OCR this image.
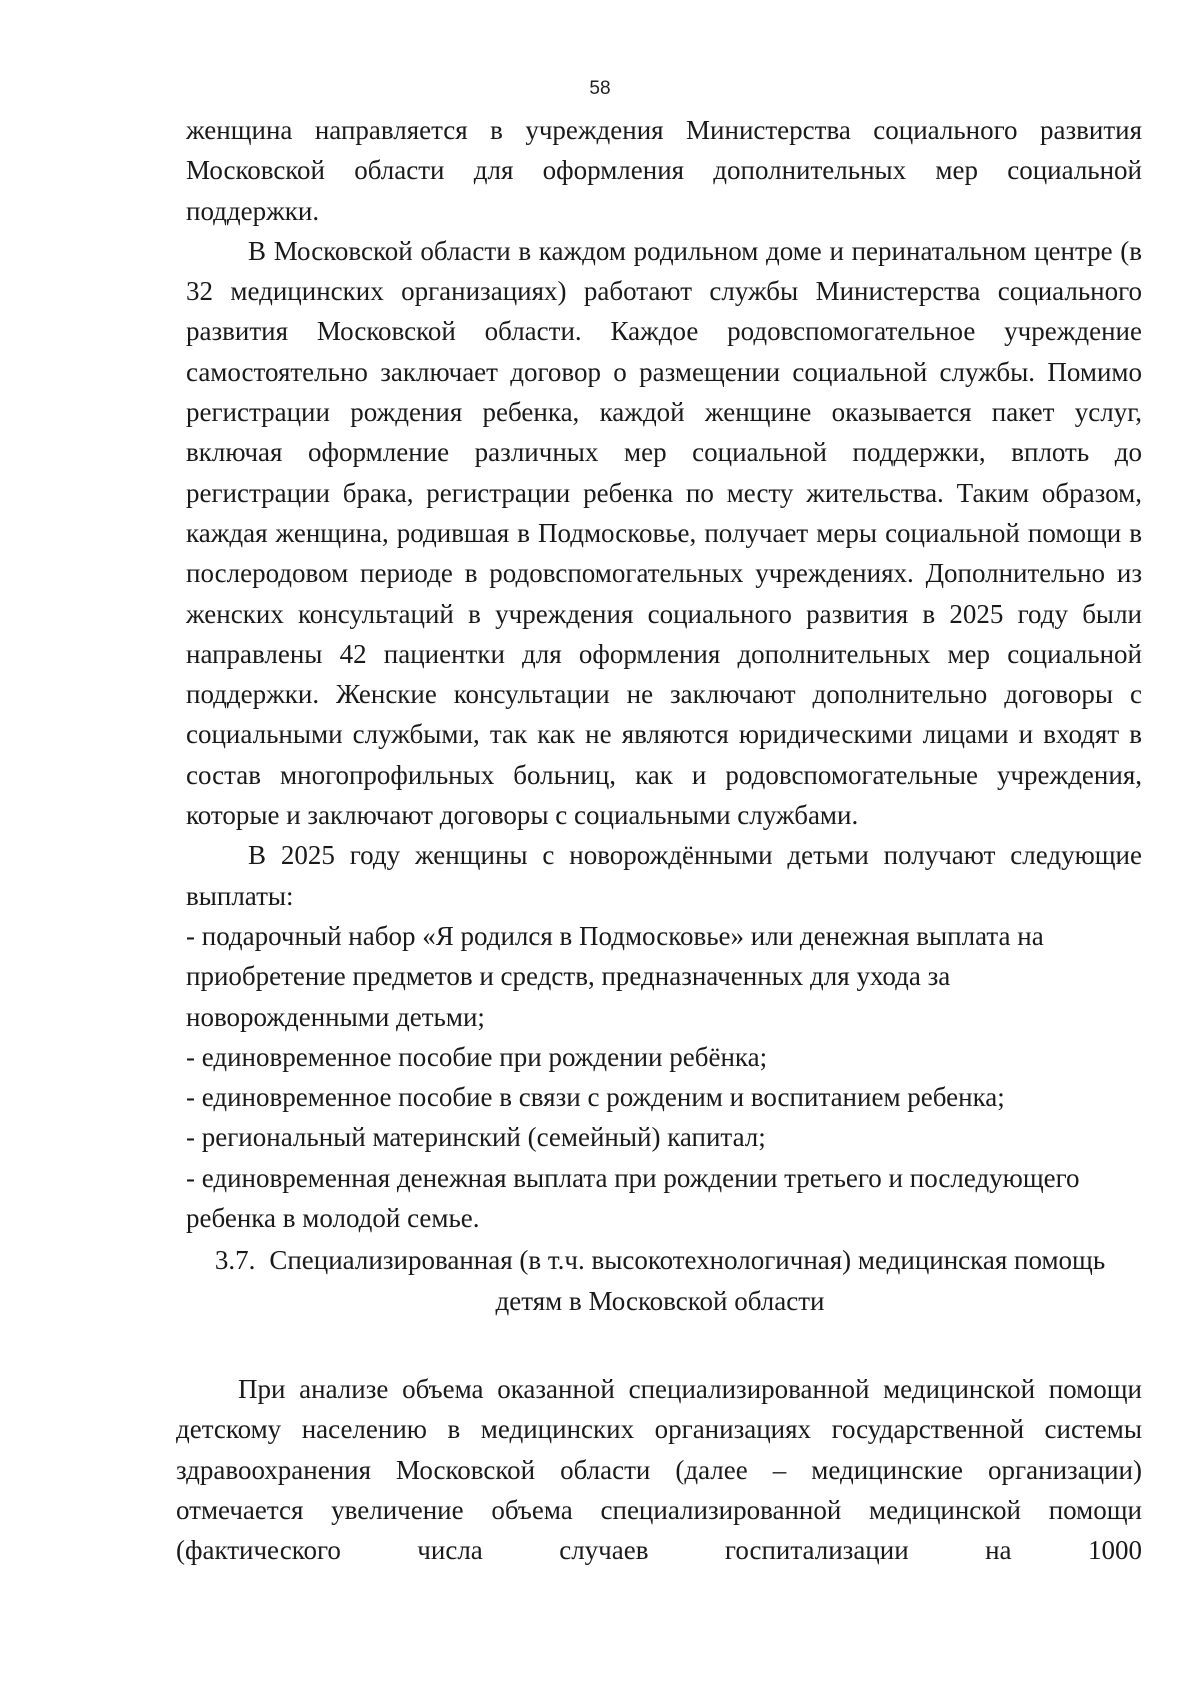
58

женщина направляется в учреждения Министерства социального развития Московской области для оформления дополнительных мер социальной поддержки.

В Московской области в каждом родильном доме и перинатальном центре (в 32 медицинских организациях) работают службы Министерства социального развития Московской области. Каждое родовспомогательное учреждение самостоятельно заключает договор о размещении социальной службы. Помимо регистрации рождения ребенка, каждой женщине оказывается пакет услуг, включая оформление различных мер социальной поддержки, вплоть до регистрации брака, регистрации ребенка по месту жительства. Таким образом, каждая женщина, родившая в Подмосковье, получает меры социальной помощи в послеродовом периоде в родовспомогательных учреждениях. Дополнительно из женских консультаций в учреждения социального развития в 2025 году были направлены 42 пациентки для оформления дополнительных мер социальной поддержки. Женские консультации не заключают дополнительно договоры с социальными службыми, так как не являются юридическими лицами и входят в состав многопрофильных больниц, как и родовспомогательные учреждения, которые и заключают договоры с социальными службами.

В 2025 году женщины с новорождёнными детьми получают следующие выплаты:

- подарочный набор «Я родился в Подмосковье» или денежная выплата на приобретение предметов и средств, предназначенных для ухода за новорожденными детьми;
- единовременное пособие при рождении ребёнка;
- единовременное пособие в связи с рожденим и воспитанием ребенка;
- региональный материнский (семейный) капитал;
- единовременная денежная выплата при рождении третьего и последующего ребенка в молодой семье.
3.7. Специализированная (в т.ч. высокотехнологичная) медицинская помощь
детям в Московской области

При анализе объема оказанной специализированной медицинской помощи детскому населению в медицинских организациях государственной системы здравоохранения Московской области (далее – медицинские организации) отмечается увеличение объема специализированной медицинской помощи (фактического числа случаев госпитализации на 1000
